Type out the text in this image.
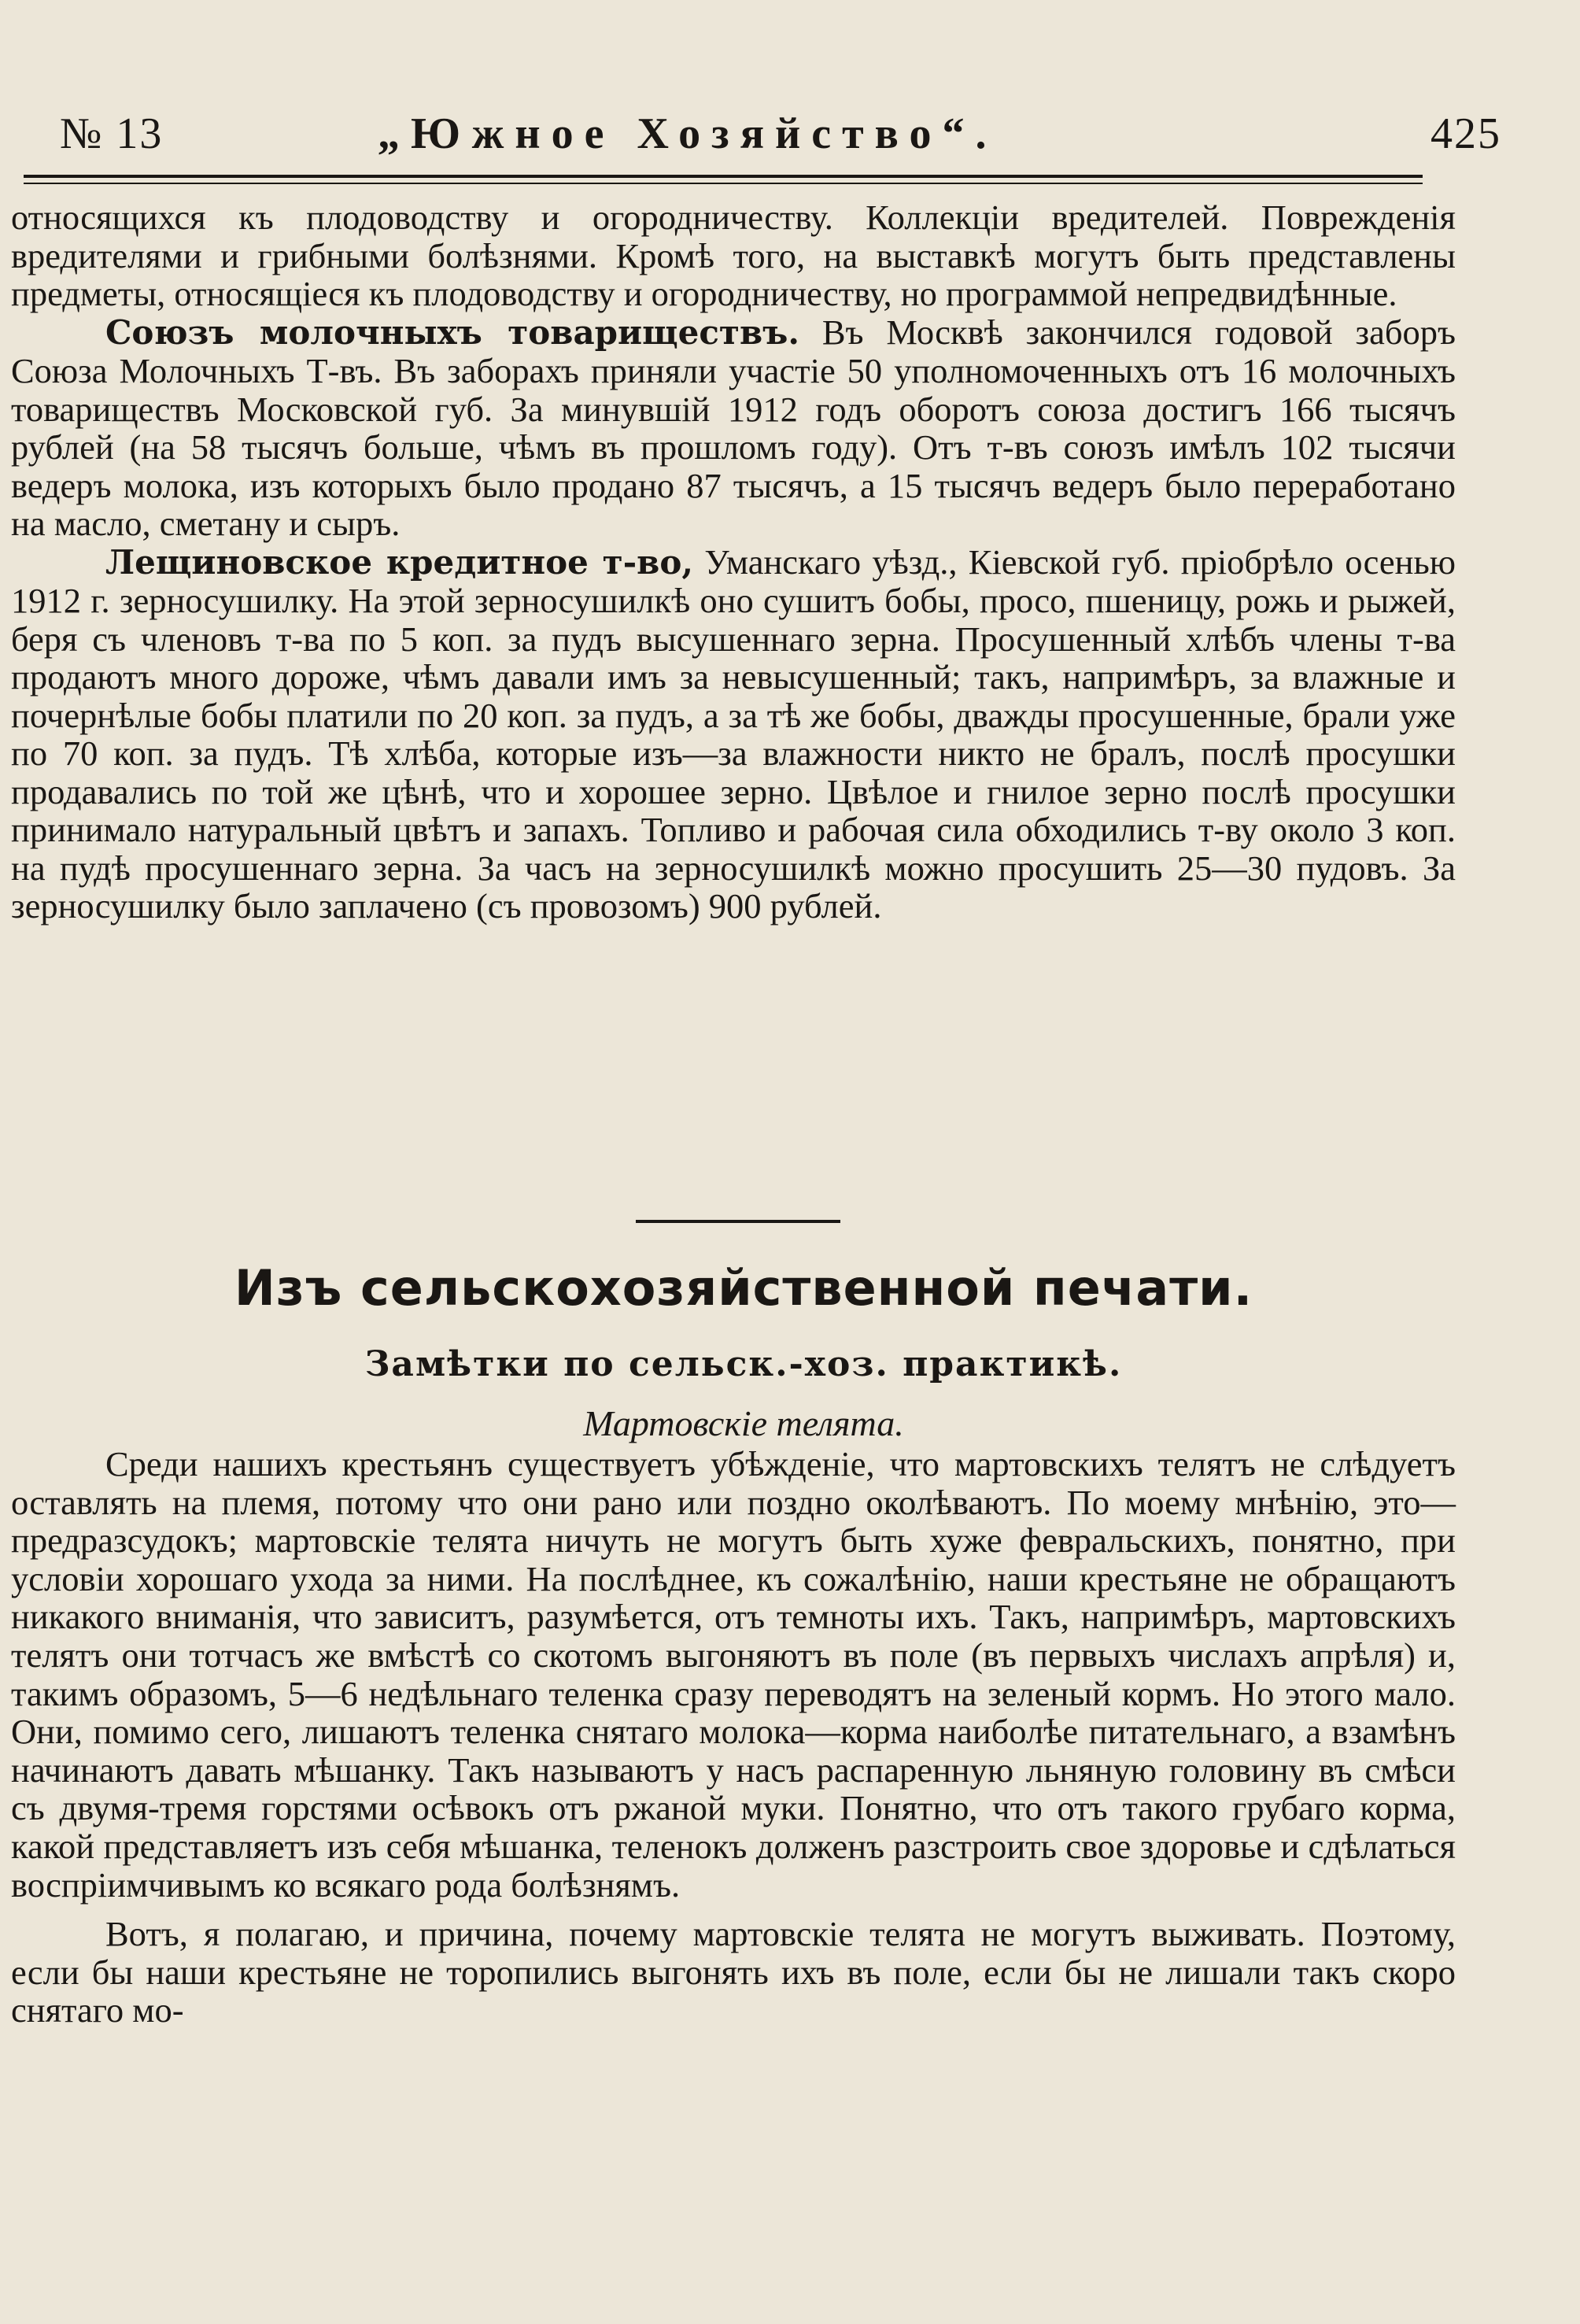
№ 13	„Южное Хозяйство“.	425

относящихся къ плодоводству и огородничеству. Коллекціи вредителей. Поврежденія вредителями и грибными болѣзнями. Кромѣ того, на выставкѣ могутъ быть представлены предметы, относящіеся къ плодоводству и огородничеству, но программой непредвидѣнные.

Союзъ молочныхъ товариществъ. Въ Москвѣ закончился годовой заборъ Союза Молочныхъ Т-въ. Въ заборахъ приняли участіе 50 уполномоченныхъ отъ 16 молочныхъ товариществъ Московской губ. За минувшій 1912 годъ оборотъ союза достигъ 166 тысячъ рублей (на 58 тысячъ больше, чѣмъ въ прошломъ году). Отъ т-въ союзъ имѣлъ 102 тысячи ведеръ молока, изъ которыхъ было продано 87 тысячъ, а 15 тысячъ ведеръ было переработано на масло, сметану и сыръ.

Лещиновское кредитное т-во, Уманскаго уѣзд., Кіевской губ. пріобрѣло осенью 1912 г. зерносушилку. На этой зерносушилкѣ оно сушитъ бобы, просо, пшеницу, рожь и рыжей, беря съ членовъ т-ва по 5 коп. за пудъ высушеннаго зерна. Просушенный хлѣбъ члены т-ва продаютъ много дороже, чѣмъ давали имъ за невысушенный; такъ, напримѣръ, за влажные и почернѣлые бобы платили по 20 коп. за пудъ, а за тѣ же бобы, дважды просушенные, брали уже по 70 коп. за пудъ. Тѣ хлѣба, которые изъ—за влажности никто не бралъ, послѣ просушки продавались по той же цѣнѣ, что и хорошее зерно. Цвѣлое и гнилое зерно послѣ просушки принимало натуральный цвѣтъ и запахъ. Топливо и рабочая сила обходились т-ву около 3 коп. на пудѣ просушеннаго зерна. За часъ на зерносушилкѣ можно просушить 25—30 пудовъ. За зерносушилку было заплачено (съ провозомъ) 900 рублей.

Изъ сельскохозяйственной печати.
Замѣтки по сельск.-хоз. практикѣ.
Мартовскіе телята.

Среди нашихъ крестьянъ существуетъ убѣжденіе, что мартовскихъ телятъ не слѣдуетъ оставлять на племя, потому что они рано или поздно околѣваютъ. По моему мнѣнію, это—предразсудокъ; мартовскіе телята ничуть не могутъ быть хуже февральскихъ, понятно, при условіи хорошаго ухода за ними. На послѣднее, къ сожалѣнію, наши крестьяне не обращаютъ никакого вниманія, что зависитъ, разумѣется, отъ темноты ихъ. Такъ, напримѣръ, мартовскихъ телятъ они тотчасъ же вмѣстѣ со скотомъ выгоняютъ въ поле (въ первыхъ числахъ апрѣля) и, такимъ образомъ, 5—6 недѣльнаго теленка сразу переводятъ на зеленый кормъ. Но этого мало. Они, помимо сего, лишаютъ теленка снятаго молока—корма наиболѣе питательнаго, а взамѣнъ начинаютъ давать мѣшанку. Такъ называютъ у насъ распаренную льняную головину въ смѣси съ двумя-тремя горстями осѣвокъ отъ ржаной муки. Понятно, что отъ такого грубаго корма, какой представляетъ изъ себя мѣшанка, теленокъ долженъ разстроить свое здоровье и сдѣлаться воспріимчивымъ ко всякаго рода болѣзнямъ.

Вотъ, я полагаю, и причина, почему мартовскіе телята не могутъ выживать. Поэтому, если бы наши крестьяне не торопились выгонять ихъ въ поле, если бы не лишали такъ скоро снятаго мо-
